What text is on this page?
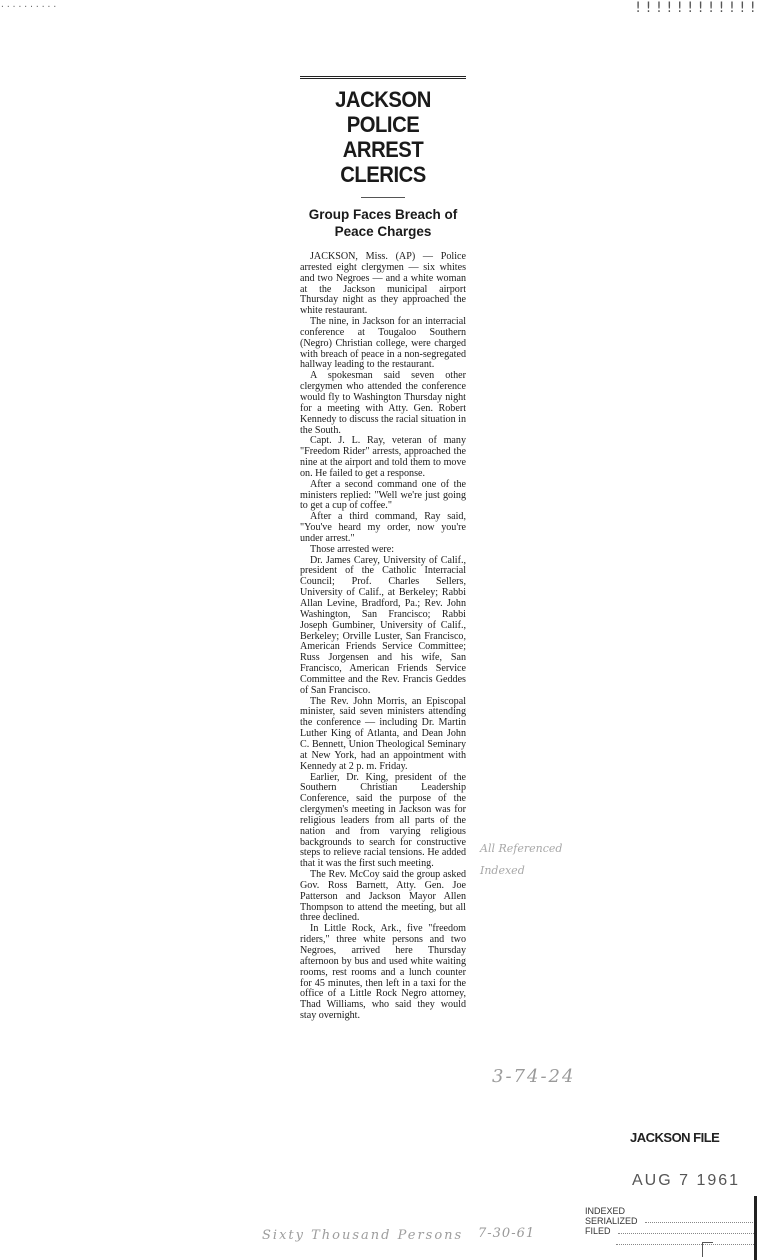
..........	!!!!!!!!!!!!
JACKSON POLICE
ARREST CLERICS
Group Faces Breach of Peace Charges

JACKSON, Miss. (AP) — Police arrested eight clergymen — six whites and two Negroes — and a white woman at the Jackson municipal airport Thursday night as they approached the white restaurant.

The nine, in Jackson for an interracial conference at Tougaloo Southern (Negro) Christian college, were charged with breach of peace in a non-segregated hallway leading to the restaurant.

A spokesman said seven other clergymen who attended the conference would fly to Washington Thursday night for a meeting with Atty. Gen. Robert Kennedy to discuss the racial situation in the South.

Capt. J. L. Ray, veteran of many "Freedom Rider" arrests, approached the nine at the airport and told them to move on. He failed to get a response.

After a second command one of the ministers replied: "Well we're just going to get a cup of coffee."

After a third command, Ray said, "You've heard my order, now you're under arrest."

Those arrested were:

Dr. James Carey, University of Calif., president of the Catholic Interracial Council; Prof. Charles Sellers, University of Calif., at Berkeley; Rabbi Allan Levine, Bradford, Pa.; Rev. John Washington, San Francisco; Rabbi Joseph Gumbiner, University of Calif., Berkeley; Orville Luster, San Francisco, American Friends Service Committee; Russ Jorgensen and his wife, San Francisco, American Friends Service Committee and the Rev. Francis Geddes of San Francisco.

The Rev. John Morris, an Episcopal minister, said seven ministers attending the conference — including Dr. Martin Luther King of Atlanta, and Dean John C. Bennett, Union Theological Seminary at New York, had an appointment with Kennedy at 2 p. m. Friday.

Earlier, Dr. King, president of the Southern Christian Leadership Conference, said the purpose of the clergymen's meeting in Jackson was for religious leaders from all parts of the nation and from varying religious backgrounds to search for constructive steps to relieve racial tensions. He added that it was the first such meeting.

The Rev. McCoy said the group asked Gov. Ross Barnett, Atty. Gen. Joe Patterson and Jackson Mayor Allen Thompson to attend the meeting, but all three declined.

In Little Rock, Ark., five "freedom riders," three white persons and two Negroes, arrived here Thursday afternoon by bus and used white waiting rooms, rest rooms and a lunch counter for 45 minutes, then left in a taxi for the office of a Little Rock Negro attorney, Thad Williams, who said they would stay overnight.

All Referenced
Indexed
3-74-24
Sixty Thousand Persons 7-30-61
JACKSON FILE
AUG 7 1961
INDEXED
SERIALIZED
FILED
